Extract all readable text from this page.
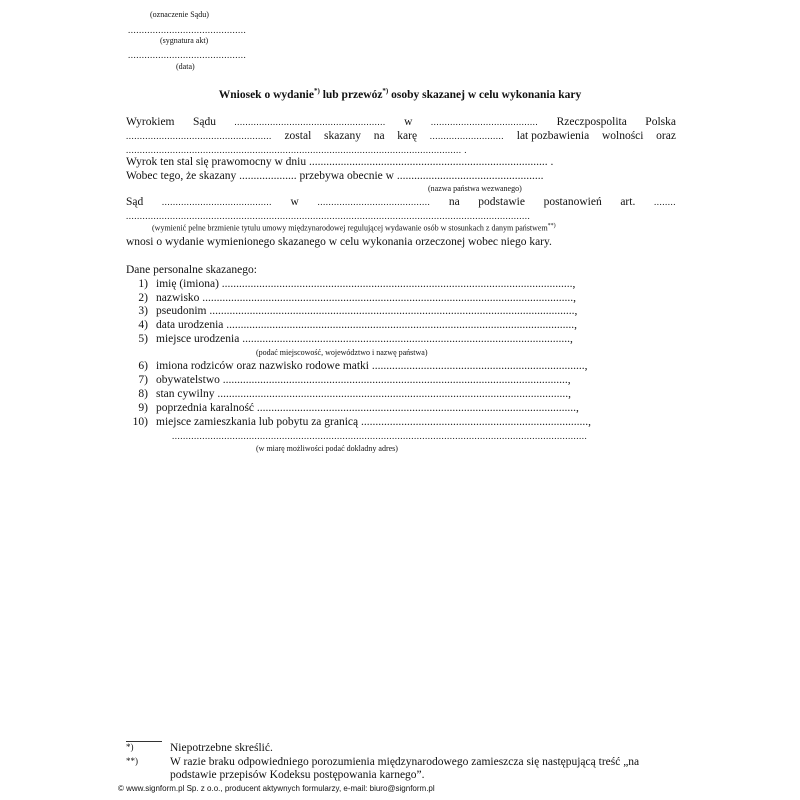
(oznaczenie Sądu)
...........................................
(sygnatura akt)
...........................................
(data)
Wniosek o wydanie*) lub przewóz*) osoby skazanej w celu wykonania kary
Wyrokiem Sądu ....................................................... w ....................................... Rzeczpospolita Polska
..................................................... zostal skazany na karę ........................... lat pozbawienia wolności oraz
.......................................................................................................................... .
Wyrok ten stal się prawomocny w dniu ................................................................................... .
Wobec tego, że skazany .................... przebywa obecnie w ...................................................
(nazwa państwa wezwanego)
Sąd ........................................ w ......................................... na podstawie postanowień art. ........
...................................................................................................................................................
(wymienić pelne brzmienie tytulu umowy międzynarodowej regulującej wydawanie osób w stosunkach z danym państwem**)
wnosi o wydanie wymienionego skazanego w celu wykonania orzeczonej wobec niego kary.
Dane personalne skazanego:
1) imię (imiona) ..........................................................................................................................,
2) nazwisko .................................................................................................................................,
3) pseudonim ...............................................................................................................................,
4) data urodzenia .........................................................................................................................,
5) miejsce urodzenia ..................................................................................................................,
(podać miejscowość, województwo i nazwę państwa)
6) imiona rodziców oraz nazwisko rodowe matki ..........................................................................,
7) obywatelstwo ........................................................................................................................,
8) stan cywilny ..........................................................................................................................,
9) poprzednia karalność ...............................................................................................................,
10) miejsce zamieszkania lub pobytu za granicą ...............................................................................,
.......................................................................................................................................................
(w miarę możliwości podać dokladny adres)
*)	Niepotrzebne skreślić.
**)	W razie braku odpowiedniego porozumienia międzynarodowego zamieszcza się następującą treść „na
podstawie przepisów Kodeksu postępowania karnego”.
© www.signform.pl Sp. z o.o., producent aktywnych formularzy, e-mail: biuro@signform.pl
